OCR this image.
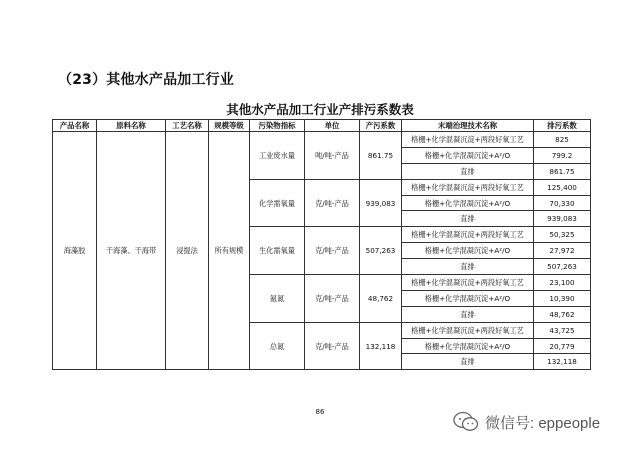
（23）其他水产品加工行业
其他水产品加工行业产排污系数表
产品名称	原料名称	工艺名称	规模等级	污染物指标	单位	产污系数	末端治理技术名称	排污系数
海藻胶	干海藻、干海带	浸提法	所有规模	工业废水量	吨/吨-产品	861.75	格栅+化学混凝沉淀+两段好氧工艺	825
							格栅+化学混凝沉淀+A²/O	799.2
							直排	861.75
				化学需氧量	克/吨-产品	939,083	格栅+化学混凝沉淀+两段好氧工艺	125,400
							格栅+化学混凝沉淀+A²/O	70,330
							直排	939,083
				生化需氧量	克/吨-产品	507,263	格栅+化学混凝沉淀+两段好氧工艺	50,325
							格栅+化学混凝沉淀+A²/O	27,972
							直排	507,263
				氨氮	克/吨-产品	48,762	格栅+化学混凝沉淀+两段好氧工艺	23,100
							格栅+化学混凝沉淀+A²/O	10,390
							直排	48,762
				总氮	克/吨-产品	132,118	格栅+化学混凝沉淀+两段好氧工艺	43,725
							格栅+化学混凝沉淀+A²/O	20,779
							直排	132,118
86
微信号: eppeople
